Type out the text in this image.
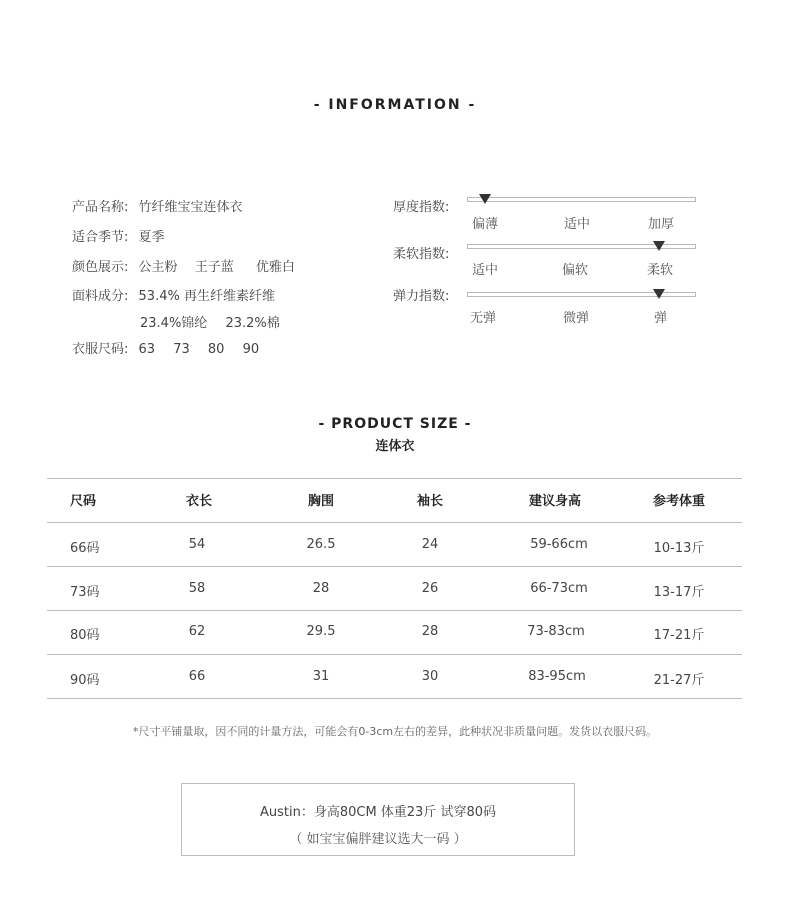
- INFORMATION -
产品名称: 竹纤维宝宝连体衣
适合季节: 夏季
颜色展示: 公主粉 王子蓝 优雅白
面料成分: 53.4% 再生纤维素纤维
23.4%锦纶 23.2%棉
衣服尺码: 63 73 80 90
厚度指数:
偏薄	适中	加厚
柔软指数:
适中	偏软	柔软
弹力指数:
无弹	微弹	弹
- PRODUCT SIZE -
连体衣
尺码	衣长	胸围	袖长	建议身高	参考体重
66码	54	26.5	24	59-66cm	10-13斤
73码	58	28	26	66-73cm	13-17斤
80码	62	29.5	28	73-83cm	17-21斤
90码	66	31	30	83-95cm	21-27斤
*尺寸平铺量取，因不同的计量方法，可能会有0-3cm左右的差异，此种状况非质量问题。发货以衣服尺码。
Austin：身高80CM 体重23斤 试穿80码
（ 如宝宝偏胖建议选大一码 ）
